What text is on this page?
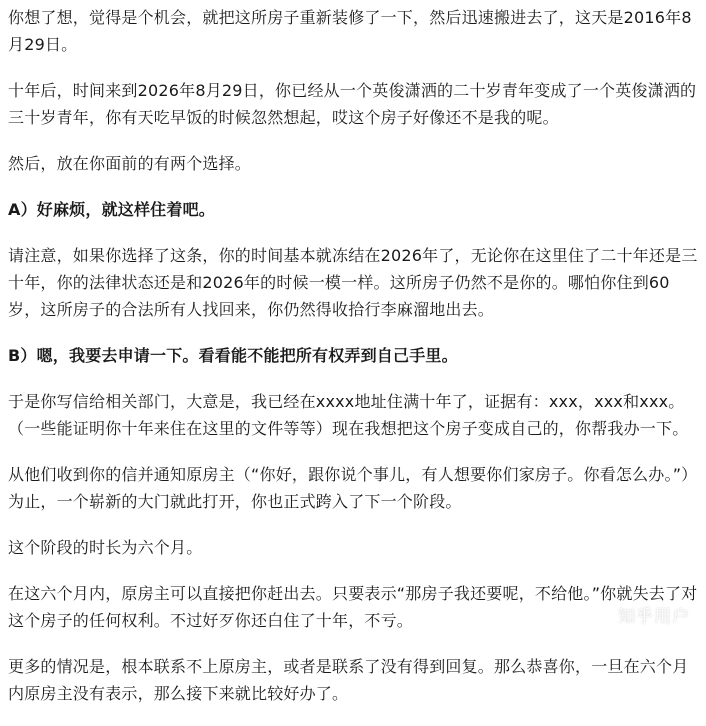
你想了想，觉得是个机会，就把这所房子重新装修了一下，然后迅速搬进去了，这天是2016年8月29日。

十年后，时间来到2026年8月29日，你已经从一个英俊潇洒的二十岁青年变成了一个英俊潇洒的三十岁青年，你有天吃早饭的时候忽然想起，哎这个房子好像还不是我的呢。

然后，放在你面前的有两个选择。

A）好麻烦，就这样住着吧。

请注意，如果你选择了这条，你的时间基本就冻结在2026年了，无论你在这里住了二十年还是三十年，你的法律状态还是和2026年的时候一模一样。这所房子仍然不是你的。哪怕你住到60岁，这所房子的合法所有人找回来，你仍然得收拾行李麻溜地出去。

B）嗯，我要去申请一下。看看能不能把所有权弄到自己手里。

于是你写信给相关部门，大意是，我已经在xxxx地址住满十年了，证据有：xxx，xxx和xxx。（一些能证明你十年来住在这里的文件等等）现在我想把这个房子变成自己的，你帮我办一下。

从他们收到你的信并通知原房主（“你好，跟你说个事儿，有人想要你们家房子。你看怎么办。”）为止，一个崭新的大门就此打开，你也正式跨入了下一个阶段。

这个阶段的时长为六个月。

在这六个月内，原房主可以直接把你赶出去。只要表示“那房子我还要呢，不给他。”你就失去了对这个房子的任何权利。不过好歹你还白住了十年，不亏。

更多的情况是，根本联系不上原房主，或者是联系了没有得到回复。那么恭喜你，一旦在六个月内原房主没有表示，那么接下来就比较好办了。

知乎用户
